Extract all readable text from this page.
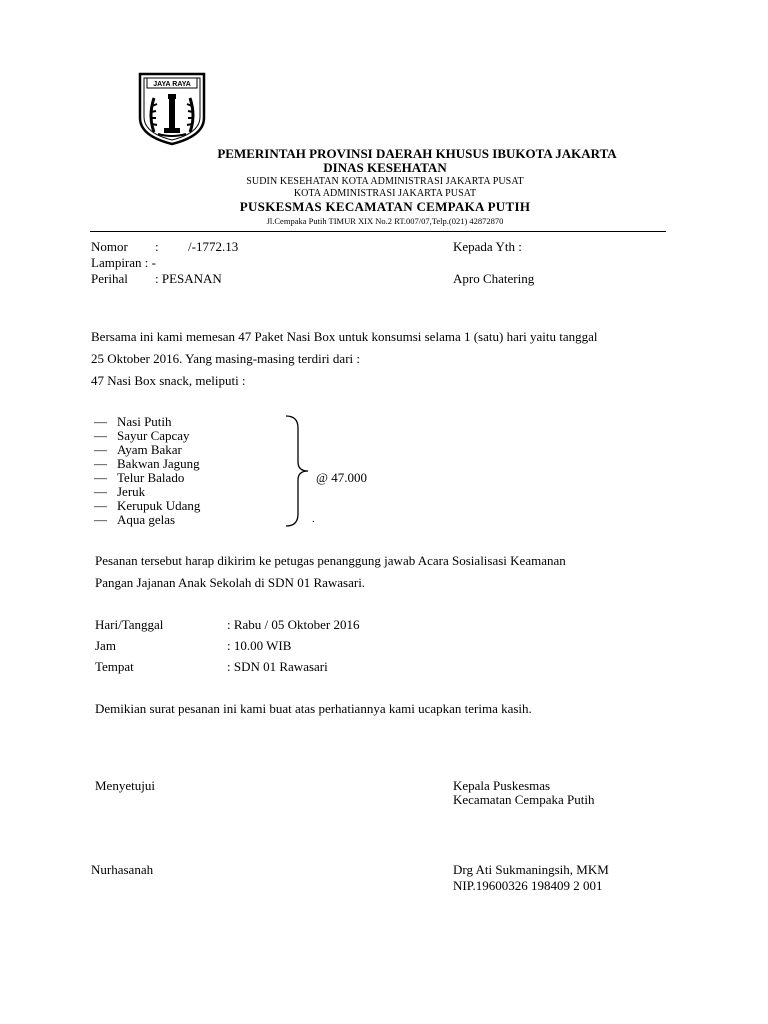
JAYA RAYA
PEMERINTAH PROVINSI DAERAH KHUSUS IBUKOTA JAKARTA
DINAS KESEHATAN
SUDIN KESEHATAN KOTA ADMINISTRASI JAKARTA PUSAT
KOTA ADMINISTRASI JAKARTA PUSAT
PUSKESMAS KECAMATAN CEMPAKA PUTIH
Jl.Cempaka Putih TIMUR XIX No.2 RT.007/07,Telp.(021) 42872870
Nomor : /-1772.13
Lampiran : -
Perihal : PESANAN
Kepada Yth :
Apro Chatering
Bersama ini kami memesan 47 Paket Nasi Box untuk konsumsi selama 1 (satu) hari yaitu tanggal
25 Oktober 2016. Yang masing-masing terdiri dari :
47 Nasi Box snack, meliputi :
— Nasi Putih
— Sayur Capcay
— Ayam Bakar
— Bakwan Jagung
— Telur Balado
— Jeruk
— Kerupuk Udang
— Aqua gelas
@ 47.000
.
Pesanan tersebut harap dikirim ke petugas penanggung jawab Acara Sosialisasi Keamanan
Pangan Jajanan Anak Sekolah di SDN 01 Rawasari.
Hari/Tanggal	: Rabu / 05 Oktober 2016
Jam	: 10.00 WIB
Tempat	: SDN 01 Rawasari
Demikian surat pesanan ini kami buat atas perhatiannya kami ucapkan terima kasih.
Menyetujui
Nurhasanah
Kepala Puskesmas
Kecamatan Cempaka Putih
Drg Ati Sukmaningsih, MKM
NIP.19600326 198409 2 001
